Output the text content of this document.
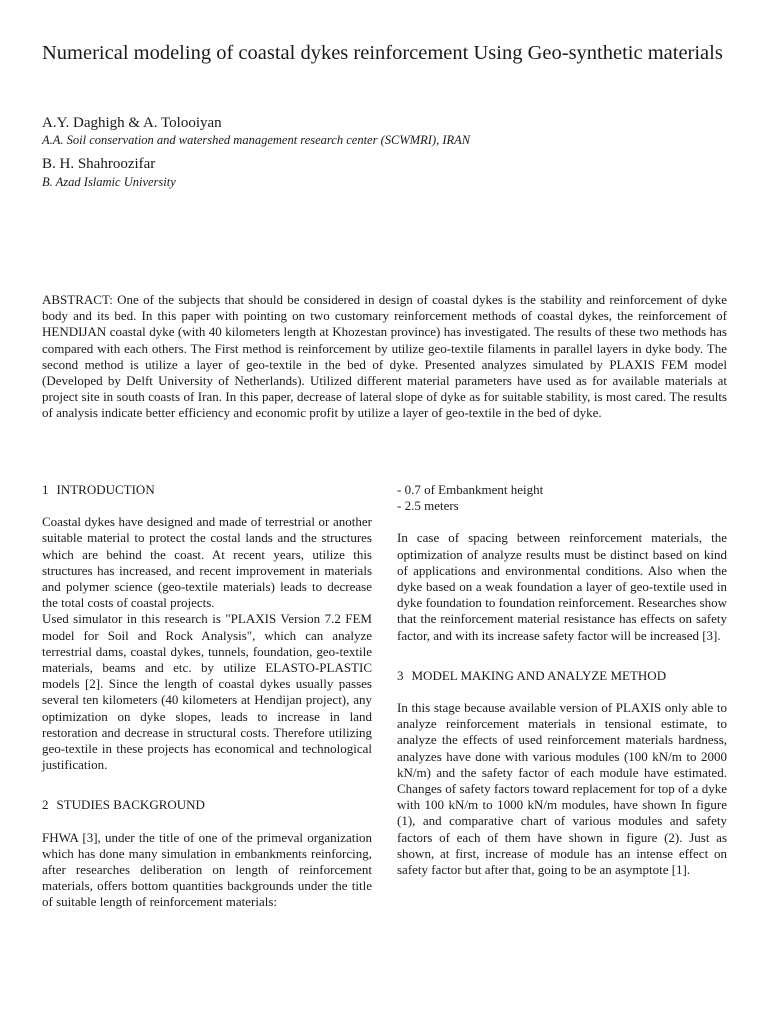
Numerical modeling of coastal dykes reinforcement Using Geo-synthetic materials

A.Y. Daghigh & A. Tolooiyan

A.A. Soil conservation and watershed management research center (SCWMRI), IRAN

B. H. Shahroozifar

B. Azad Islamic University

ABSTRACT: One of the subjects that should be considered in design of coastal dykes is the stability and reinforcement of dyke body and its bed. In this paper with pointing on two customary reinforcement methods of coastal dykes, the reinforcement of HENDIJAN coastal dyke (with 40 kilometers length at Khozestan province) has investigated. The results of these two methods has compared with each others. The First method is reinforcement by utilize geo-textile filaments in parallel layers in dyke body. The second method is utilize a layer of geo-textile in the bed of dyke. Presented analyzes simulated by PLAXIS FEM model (Developed by Delft University of Netherlands). Utilized different material parameters have used as for available materials at project site in south coasts of Iran. In this paper, decrease of lateral slope of dyke as for suitable stability, is most cared. The results of analysis indicate better efficiency and economic profit by utilize a layer of geo-textile in the bed of dyke.

1 INTRODUCTION

Coastal dykes have designed and made of terrestrial or another suitable material to protect the costal lands and the structures which are behind the coast. At recent years, utilize this structures has increased, and recent improvement in materials and polymer science (geo-textile materials) leads to decrease the total costs of coastal projects.

Used simulator in this research is "PLAXIS Version 7.2 FEM model for Soil and Rock Analysis", which can analyze terrestrial dams, coastal dykes, tunnels, foundation, geo-textile materials, beams and etc. by utilize ELASTO-PLASTIC models [2]. Since the length of coastal dykes usually passes several ten kilometers (40 kilometers at Hendijan project), any optimization on dyke slopes, leads to increase in land restoration and decrease in structural costs. Therefore utilizing geo-textile in these projects has economical and technological justification.

2 STUDIES BACKGROUND

FHWA [3], under the title of one of the primeval organization which has done many simulation in embankments reinforcing, after researches deliberation on length of reinforcement materials, offers bottom quantities backgrounds under the title of suitable length of reinforcement materials:

- 0.7 of Embankment height
- 2.5 meters

In case of spacing between reinforcement materials, the optimization of analyze results must be distinct based on kind of applications and environmental conditions. Also when the dyke based on a weak foundation a layer of geo-textile used in dyke foundation to foundation reinforcement. Researches show that the reinforcement material resistance has effects on safety factor, and with its increase safety factor will be increased [3].

3 MODEL MAKING AND ANALYZE METHOD

In this stage because available version of PLAXIS only able to analyze reinforcement materials in tensional estimate, to analyze the effects of used reinforcement materials hardness, analyzes have done with various modules (100 kN/m to 2000 kN/m) and the safety factor of each module have estimated. Changes of safety factors toward replacement for top of a dyke with 100 kN/m to 1000 kN/m modules, have shown In figure (1), and comparative chart of various modules and safety factors of each of them have shown in figure (2). Just as shown, at first, increase of module has an intense effect on safety factor but after that, going to be an asymptote [1].
